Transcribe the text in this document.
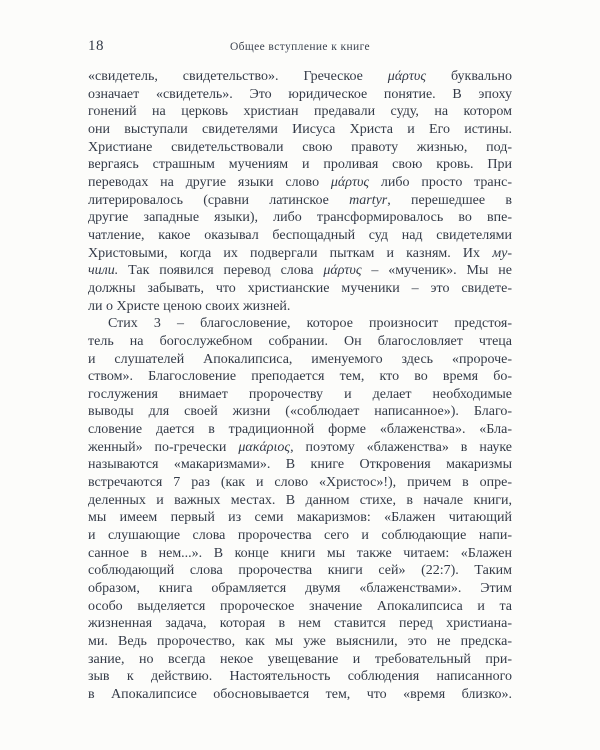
18	Общее вступление к книге
«свидетель, свидетельство». Греческое μάρτυς буквально
означает «свидетель». Это юридическое понятие. В эпоху
гонений на церковь христиан предавали суду, на котором
они выступали свидетелями Иисуса Христа и Его истины.
Христиане свидетельствовали свою правоту жизнью, под-
вергаясь страшным мучениям и проливая свою кровь. При
переводах на другие языки слово μάρτυς либо просто транс-
литерировалось (сравни латинское martyr, перешедшее в
другие западные языки), либо трансформировалось во впе-
чатление, какое оказывал беспощадный суд над свидетелями
Христовыми, когда их подвергали пыткам и казням. Их му-
чили. Так появился перевод слова μάρτυς – «мученик». Мы не
должны забывать, что христианские мученики – это свидете-
ли о Христе ценою своих жизней.
Стих 3 – благословение, которое произносит предстоя-
тель на богослужебном собрании. Он благословляет чтеца
и слушателей Апокалипсиса, именуемого здесь «пророче-
ством». Благословение преподается тем, кто во время бо-
гослужения внимает пророчеству и делает необходимые
выводы для своей жизни («соблюдает написанное»). Благо-
словение дается в традиционной форме «блаженства». «Бла-
женный» по-гречески μακάριος, поэтому «блаженства» в науке
называются «макаризмами». В книге Откровения макаризмы
встречаются 7 раз (как и слово «Христос»!), причем в опре-
деленных и важных местах. В данном стихе, в начале книги,
мы имеем первый из семи макаризмов: «Блажен читающий
и слушающие слова пророчества сего и соблюдающие напи-
санное в нем...». В конце книги мы также читаем: «Блажен
соблюдающий слова пророчества книги сей» (22:7). Таким
образом, книга обрамляется двумя «блаженствами». Этим
особо выделяется пророческое значение Апокалипсиса и та
жизненная задача, которая в нем ставится перед христиана-
ми. Ведь пророчество, как мы уже выяснили, это не предска-
зание, но всегда некое увещевание и требовательный при-
зыв к действию. Настоятельность соблюдения написанного
в Апокалипсисе обосновывается тем, что «время близко».
